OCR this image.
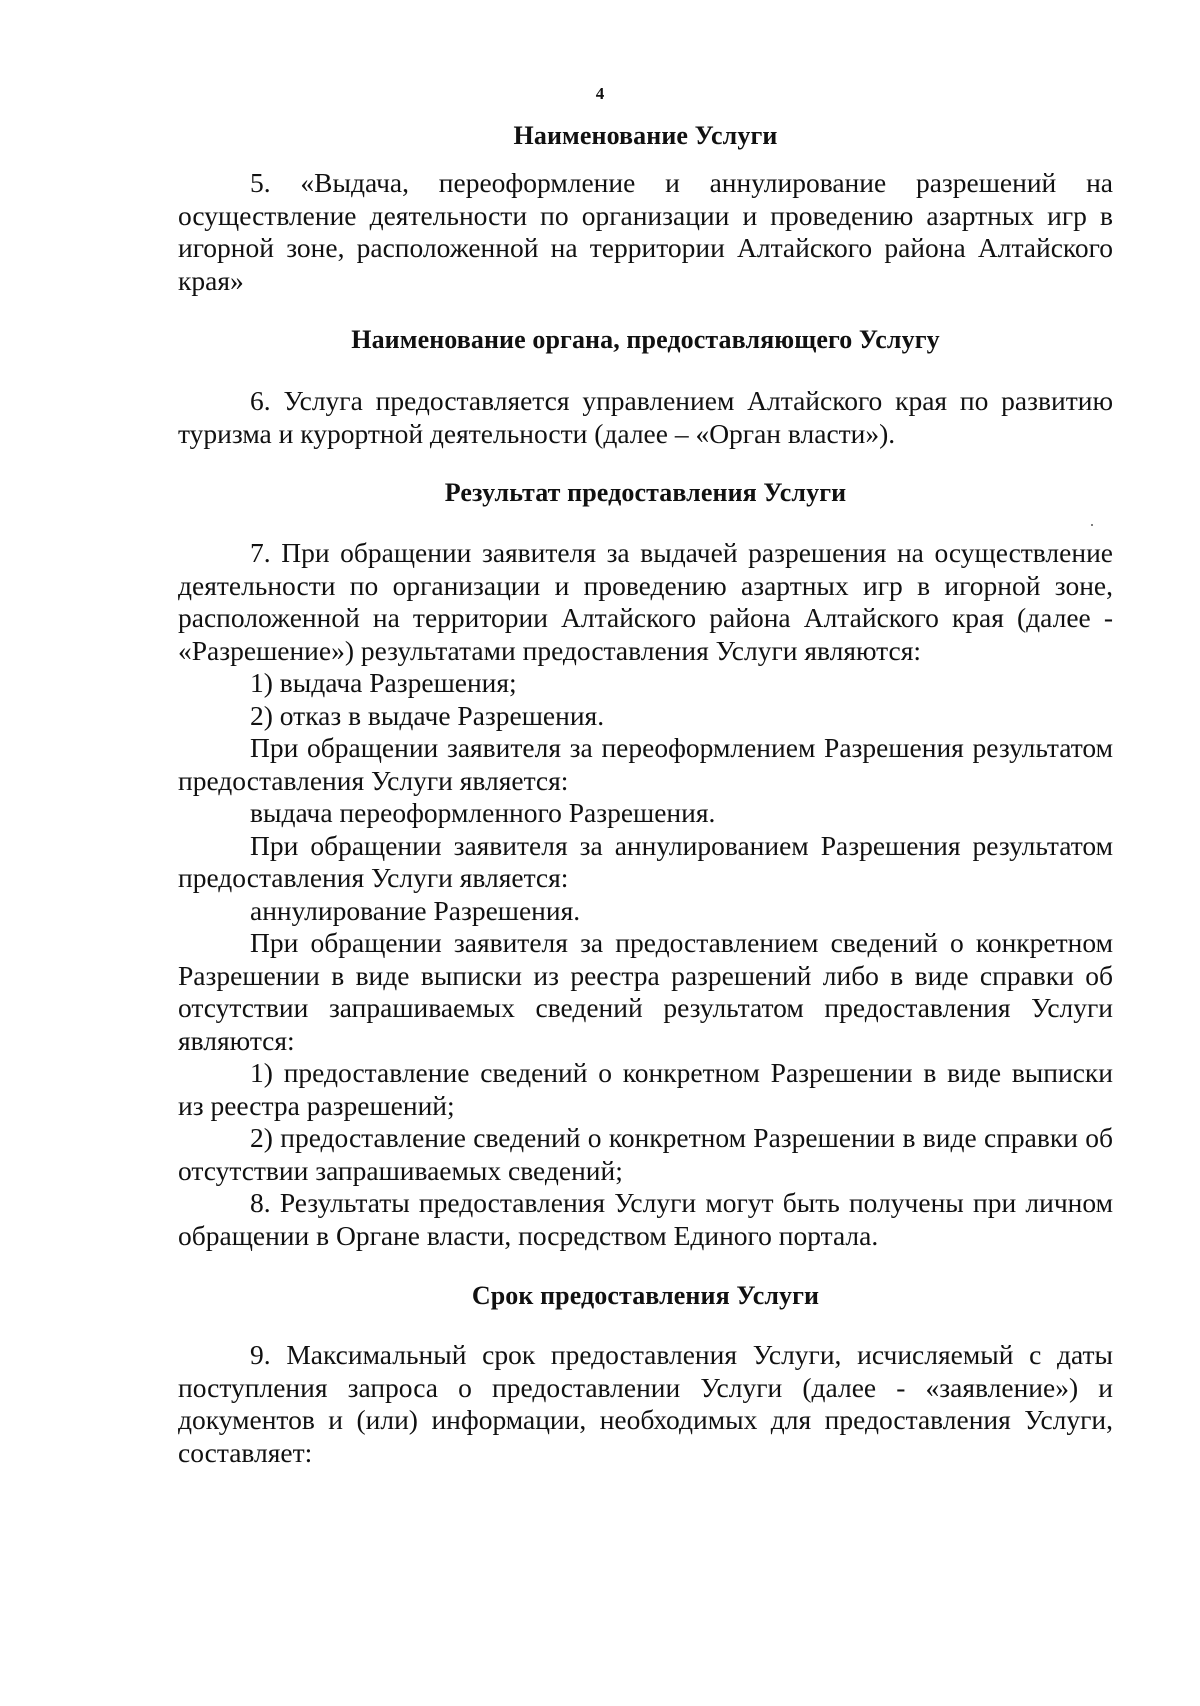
4
Наименование Услуги

5. «Выдача, переоформление и аннулирование разрешений на осуществление деятельности по организации и проведению азартных игр в игорной зоне, расположенной на территории Алтайского района Алтайского края»

Наименование органа, предоставляющего Услугу

6. Услуга предоставляется управлением Алтайского края по развитию туризма и курортной деятельности (далее – «Орган власти»).

Результат предоставления Услуги

7. При обращении заявителя за выдачей разрешения на осуществление деятельности по организации и проведению азартных игр в игорной зоне, расположенной на территории Алтайского района Алтайского края (далее - «Разрешение») результатами предоставления Услуги являются:

1) выдача Разрешения;

2) отказ в выдаче Разрешения.

При обращении заявителя за переоформлением Разрешения результатом предоставления Услуги является:

выдача переоформленного Разрешения.

При обращении заявителя за аннулированием Разрешения результатом предоставления Услуги является:

аннулирование Разрешения.

При обращении заявителя за предоставлением сведений о конкретном Разрешении в виде выписки из реестра разрешений либо в виде справки об отсутствии запрашиваемых сведений результатом предоставления Услуги являются:

1) предоставление сведений о конкретном Разрешении в виде выписки из реестра разрешений;

2) предоставление сведений о конкретном Разрешении в виде справки об отсутствии запрашиваемых сведений;

8. Результаты предоставления Услуги могут быть получены при личном обращении в Органе власти, посредством Единого портала.

Срок предоставления Услуги

9. Максимальный срок предоставления Услуги, исчисляемый с даты поступления запроса о предоставлении Услуги (далее - «заявление») и документов и (или) информации, необходимых для предоставления Услуги, составляет:
